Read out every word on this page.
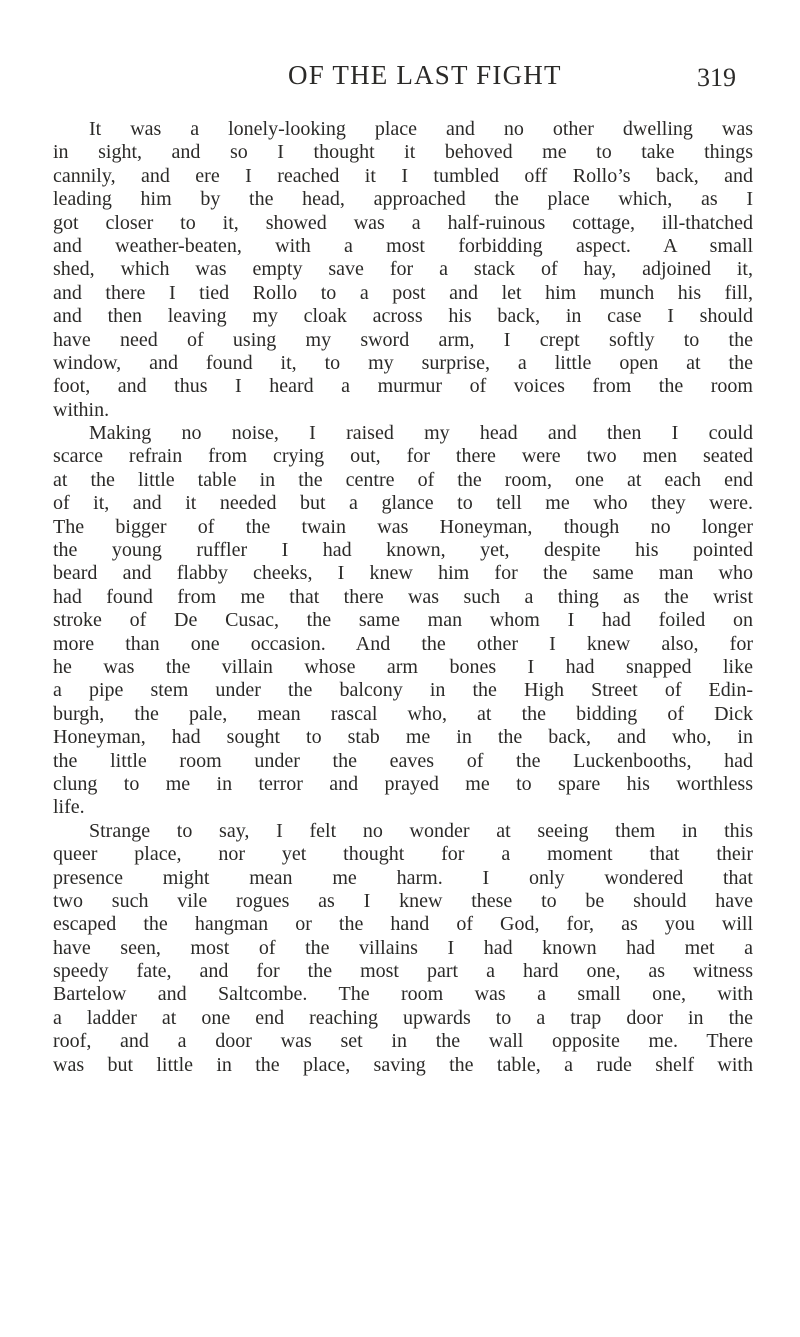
OF THE LAST FIGHT	319
It was a lonely-looking place and no other dwelling was
in sight, and so I thought it behoved me to take things
cannily, and ere I reached it I tumbled off Rollo’s back, and
leading him by the head, approached the place which, as I
got closer to it, showed was a half-ruinous cottage, ill-thatched
and weather-beaten, with a most forbidding aspect. A small
shed, which was empty save for a stack of hay, adjoined it,
and there I tied Rollo to a post and let him munch his fill,
and then leaving my cloak across his back, in case I should
have need of using my sword arm, I crept softly to the
window, and found it, to my surprise, a little open at the
foot, and thus I heard a murmur of voices from the room
within.
Making no noise, I raised my head and then I could
scarce refrain from crying out, for there were two men seated
at the little table in the centre of the room, one at each end
of it, and it needed but a glance to tell me who they were.
The bigger of the twain was Honeyman, though no longer
the young ruffler I had known, yet, despite his pointed
beard and flabby cheeks, I knew him for the same man who
had found from me that there was such a thing as the wrist
stroke of De Cusac, the same man whom I had foiled on
more than one occasion. And the other I knew also, for
he was the villain whose arm bones I had snapped like
a pipe stem under the balcony in the High Street of Edin-
burgh, the pale, mean rascal who, at the bidding of Dick
Honeyman, had sought to stab me in the back, and who, in
the little room under the eaves of the Luckenbooths, had
clung to me in terror and prayed me to spare his worthless
life.
Strange to say, I felt no wonder at seeing them in this
queer place, nor yet thought for a moment that their
presence might mean me harm. I only wondered that
two such vile rogues as I knew these to be should have
escaped the hangman or the hand of God, for, as you will
have seen, most of the villains I had known had met a
speedy fate, and for the most part a hard one, as witness
Bartelow and Saltcombe. The room was a small one, with
a ladder at one end reaching upwards to a trap door in the
roof, and a door was set in the wall opposite me. There
was but little in the place, saving the table, a rude shelf with
